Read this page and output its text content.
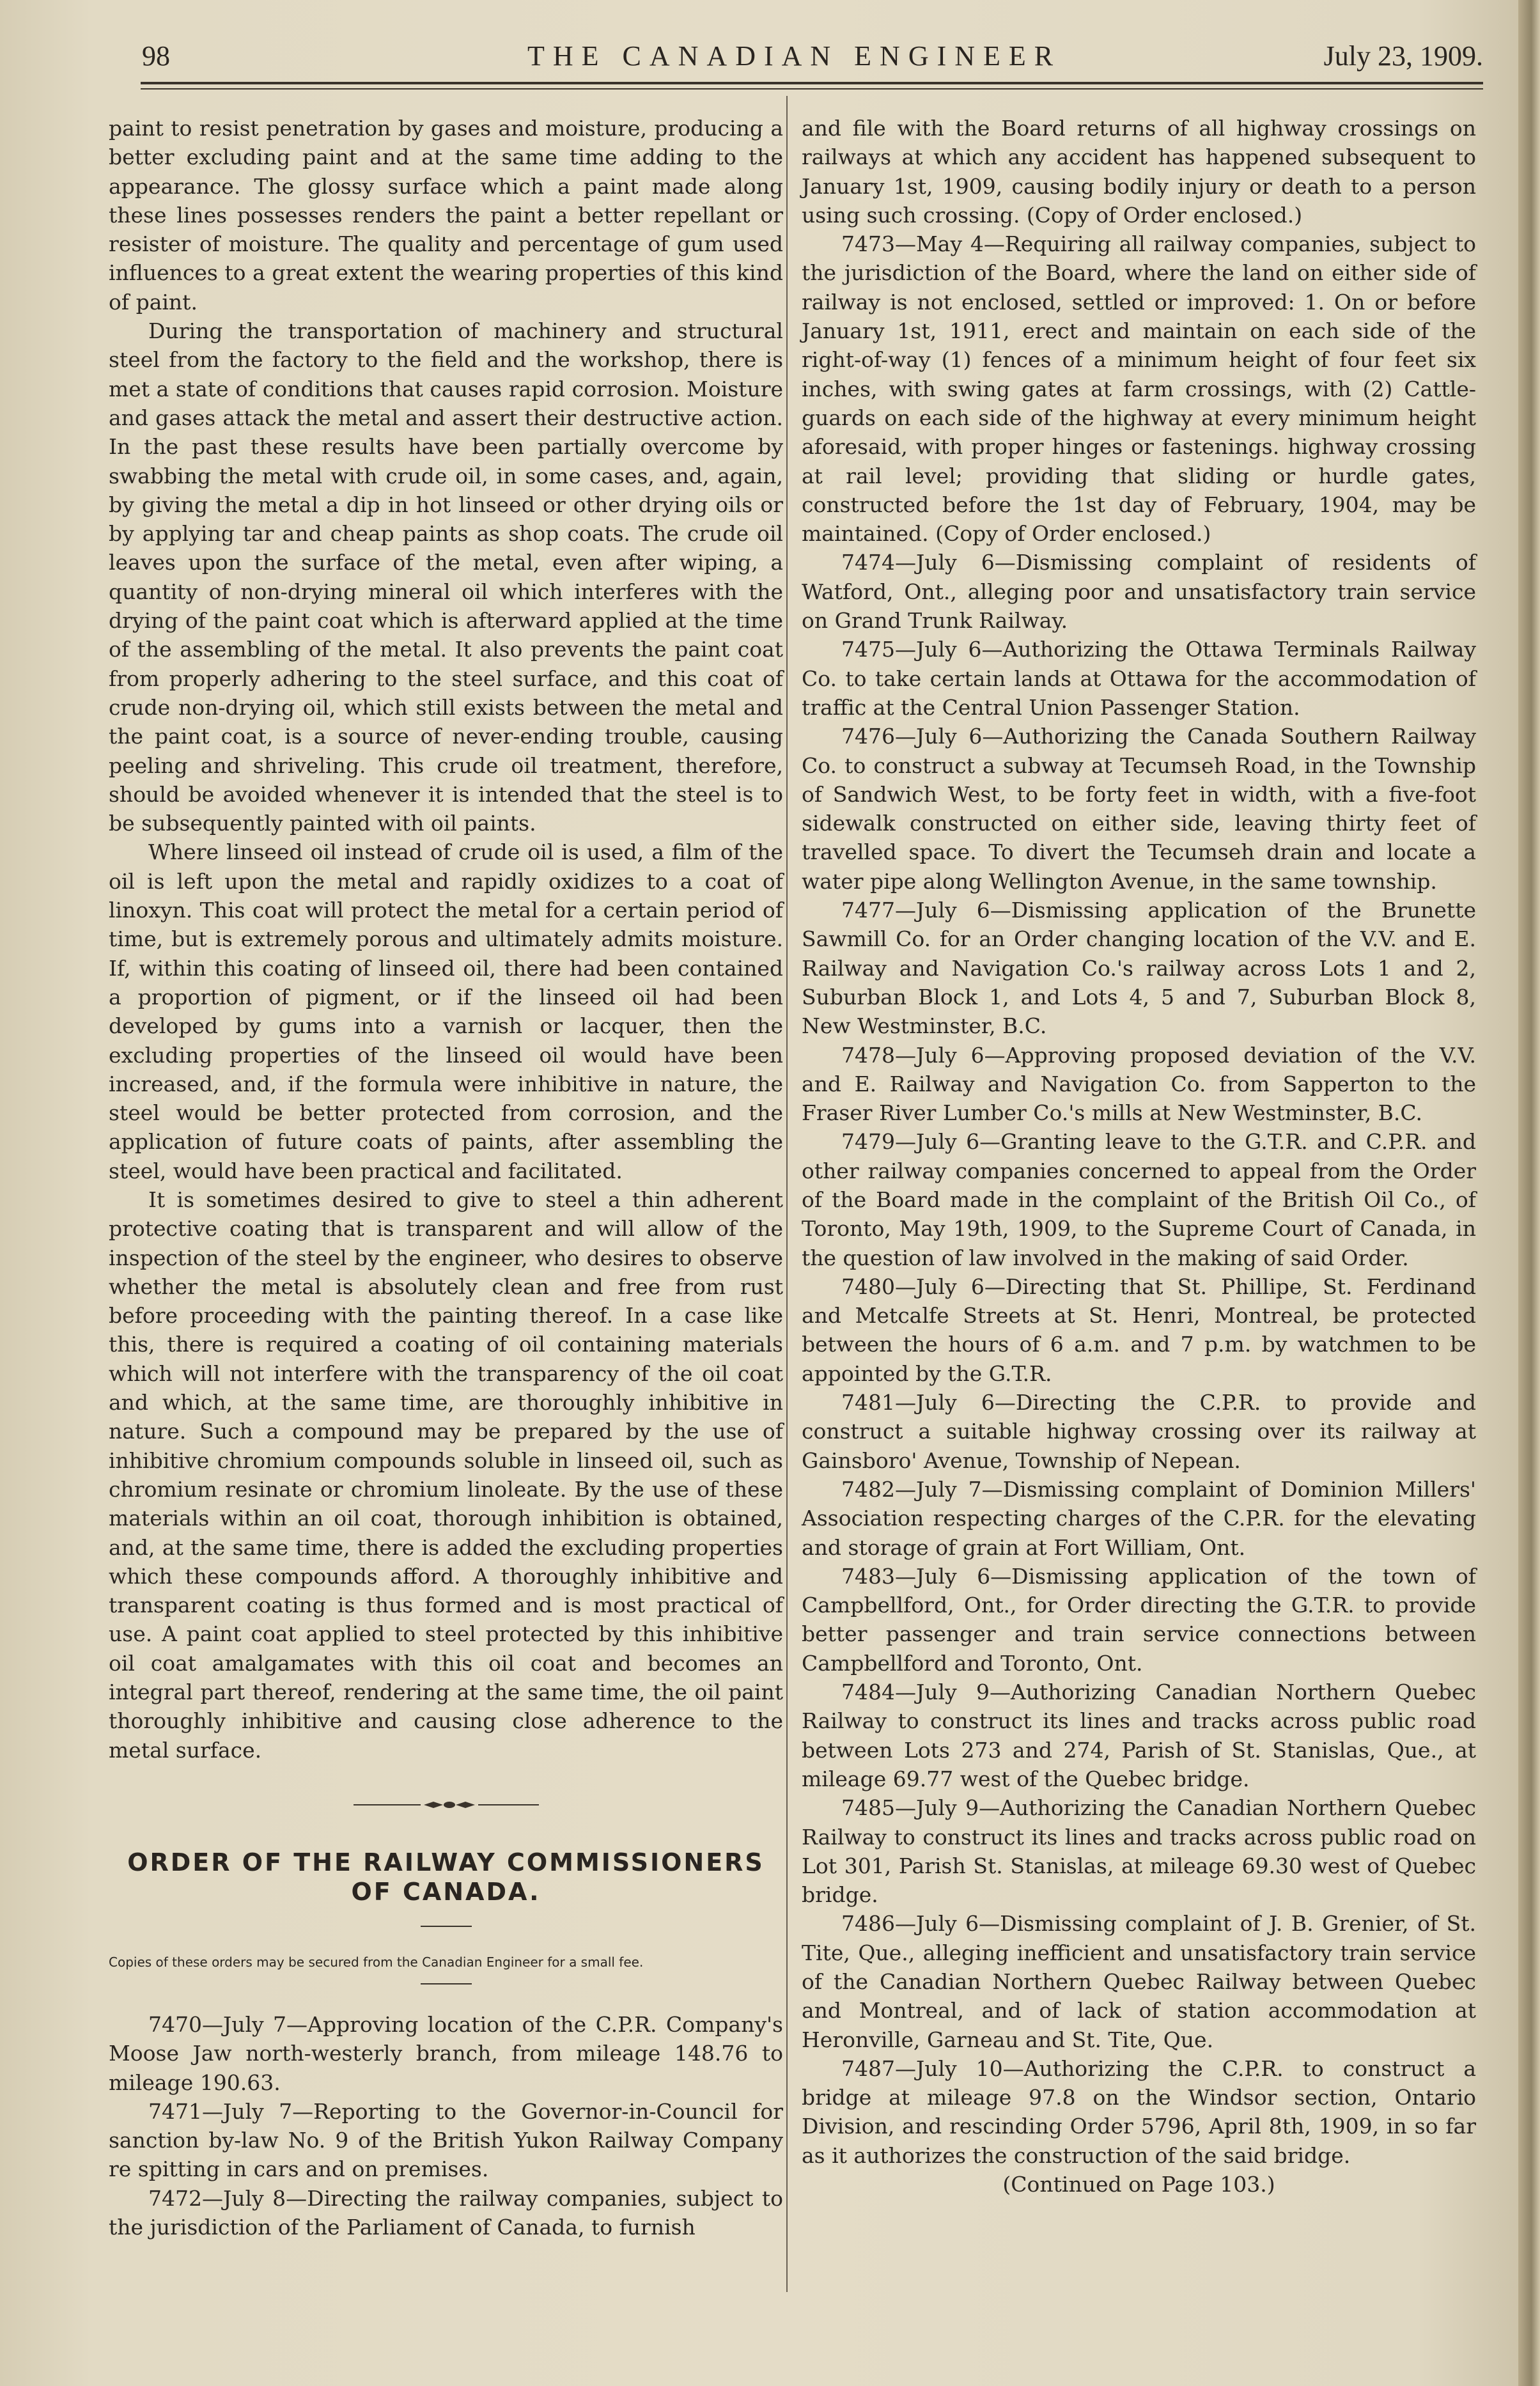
98	THE CANADIAN ENGINEER	July 23, 1909.

paint to resist penetration by gases and moisture, producing a better excluding paint and at the same time adding to the appearance. The glossy surface which a paint made along these lines possesses renders the paint a better repellant or resister of moisture. The quality and percentage of gum used influences to a great extent the wearing properties of this kind of paint.

During the transportation of machinery and structural steel from the factory to the field and the workshop, there is met a state of conditions that causes rapid corrosion. Moisture and gases attack the metal and assert their destructive action. In the past these results have been partially overcome by swabbing the metal with crude oil, in some cases, and, again, by giving the metal a dip in hot linseed or other drying oils or by applying tar and cheap paints as shop coats. The crude oil leaves upon the surface of the metal, even after wiping, a quantity of non-drying mineral oil which interferes with the drying of the paint coat which is afterward applied at the time of the assembling of the metal. It also prevents the paint coat from properly adhering to the steel surface, and this coat of crude non-drying oil, which still exists between the metal and the paint coat, is a source of never-ending trouble, causing peeling and shriveling. This crude oil treatment, therefore, should be avoided whenever it is intended that the steel is to be subsequently painted with oil paints.

Where linseed oil instead of crude oil is used, a film of the oil is left upon the metal and rapidly oxidizes to a coat of linoxyn. This coat will protect the metal for a certain period of time, but is extremely porous and ultimately admits moisture. If, within this coating of linseed oil, there had been contained a proportion of pigment, or if the linseed oil had been developed by gums into a varnish or lacquer, then the excluding properties of the linseed oil would have been increased, and, if the formula were inhibitive in nature, the steel would be better protected from corrosion, and the application of future coats of paints, after assembling the steel, would have been practical and facilitated.

It is sometimes desired to give to steel a thin adherent protective coating that is transparent and will allow of the inspection of the steel by the engineer, who desires to observe whether the metal is absolutely clean and free from rust before proceeding with the painting thereof. In a case like this, there is required a coating of oil containing materials which will not interfere with the transparency of the oil coat and which, at the same time, are thoroughly inhibitive in nature. Such a compound may be prepared by the use of inhibitive chromium compounds soluble in linseed oil, such as chromium resinate or chromium linoleate. By the use of these materials within an oil coat, thorough inhibition is obtained, and, at the same time, there is added the excluding properties which these compounds afford. A thoroughly inhibitive and transparent coating is thus formed and is most practical of use. A paint coat applied to steel protected by this inhibitive oil coat amalgamates with this oil coat and becomes an integral part thereof, rendering at the same time, the oil paint thoroughly inhibitive and causing close adherence to the metal surface.

ORDER OF THE RAILWAY COMMISSIONERS OF CANADA.
Copies of these orders may be secured from the Canadian Engineer for a small fee.

7470—July 7—Approving location of the C.P.R. Company's Moose Jaw north-westerly branch, from mileage 148.76 to mileage 190.63.

7471—July 7—Reporting to the Governor-in-Council for sanction by-law No. 9 of the British Yukon Railway Company re spitting in cars and on premises.

7472—July 8—Directing the railway companies, subject to the jurisdiction of the Parliament of Canada, to furnish

and file with the Board returns of all highway crossings on railways at which any accident has happened subsequent to January 1st, 1909, causing bodily injury or death to a person using such crossing. (Copy of Order enclosed.)

7473—May 4—Requiring all railway companies, subject to the jurisdiction of the Board, where the land on either side of railway is not enclosed, settled or improved: 1. On or before January 1st, 1911, erect and maintain on each side of the right-of-way (1) fences of a minimum height of four feet six inches, with swing gates at farm crossings, with (2) Cattle-guards on each side of the highway at every minimum height aforesaid, with proper hinges or fastenings. highway crossing at rail level; providing that sliding or hurdle gates, constructed before the 1st day of February, 1904, may be maintained. (Copy of Order enclosed.)

7474—July 6—Dismissing complaint of residents of Watford, Ont., alleging poor and unsatisfactory train service on Grand Trunk Railway.

7475—July 6—Authorizing the Ottawa Terminals Railway Co. to take certain lands at Ottawa for the accommodation of traffic at the Central Union Passenger Station.

7476—July 6—Authorizing the Canada Southern Railway Co. to construct a subway at Tecumseh Road, in the Township of Sandwich West, to be forty feet in width, with a five-foot sidewalk constructed on either side, leaving thirty feet of travelled space. To divert the Tecumseh drain and locate a water pipe along Wellington Avenue, in the same township.

7477—July 6—Dismissing application of the Brunette Sawmill Co. for an Order changing location of the V.V. and E. Railway and Navigation Co.'s railway across Lots 1 and 2, Suburban Block 1, and Lots 4, 5 and 7, Suburban Block 8, New Westminster, B.C.

7478—July 6—Approving proposed deviation of the V.V. and E. Railway and Navigation Co. from Sapperton to the Fraser River Lumber Co.'s mills at New Westminster, B.C.

7479—July 6—Granting leave to the G.T.R. and C.P.R. and other railway companies concerned to appeal from the Order of the Board made in the complaint of the British Oil Co., of Toronto, May 19th, 1909, to the Supreme Court of Canada, in the question of law involved in the making of said Order.

7480—July 6—Directing that St. Phillipe, St. Ferdinand and Metcalfe Streets at St. Henri, Montreal, be protected between the hours of 6 a.m. and 7 p.m. by watchmen to be appointed by the G.T.R.

7481—July 6—Directing the C.P.R. to provide and construct a suitable highway crossing over its railway at Gainsboro' Avenue, Township of Nepean.

7482—July 7—Dismissing complaint of Dominion Millers' Association respecting charges of the C.P.R. for the elevating and storage of grain at Fort William, Ont.

7483—July 6—Dismissing application of the town of Campbellford, Ont., for Order directing the G.T.R. to provide better passenger and train service connections between Campbellford and Toronto, Ont.

7484—July 9—Authorizing Canadian Northern Quebec Railway to construct its lines and tracks across public road between Lots 273 and 274, Parish of St. Stanislas, Que., at mileage 69.77 west of the Quebec bridge.

7485—July 9—Authorizing the Canadian Northern Quebec Railway to construct its lines and tracks across public road on Lot 301, Parish St. Stanislas, at mileage 69.30 west of Quebec bridge.

7486—July 6—Dismissing complaint of J. B. Grenier, of St. Tite, Que., alleging inefficient and unsatisfactory train service of the Canadian Northern Quebec Railway between Quebec and Montreal, and of lack of station accommodation at Heronville, Garneau and St. Tite, Que.

7487—July 10—Authorizing the C.P.R. to construct a bridge at mileage 97.8 on the Windsor section, Ontario Division, and rescinding Order 5796, April 8th, 1909, in so far as it authorizes the construction of the said bridge.

(Continued on Page 103.)
